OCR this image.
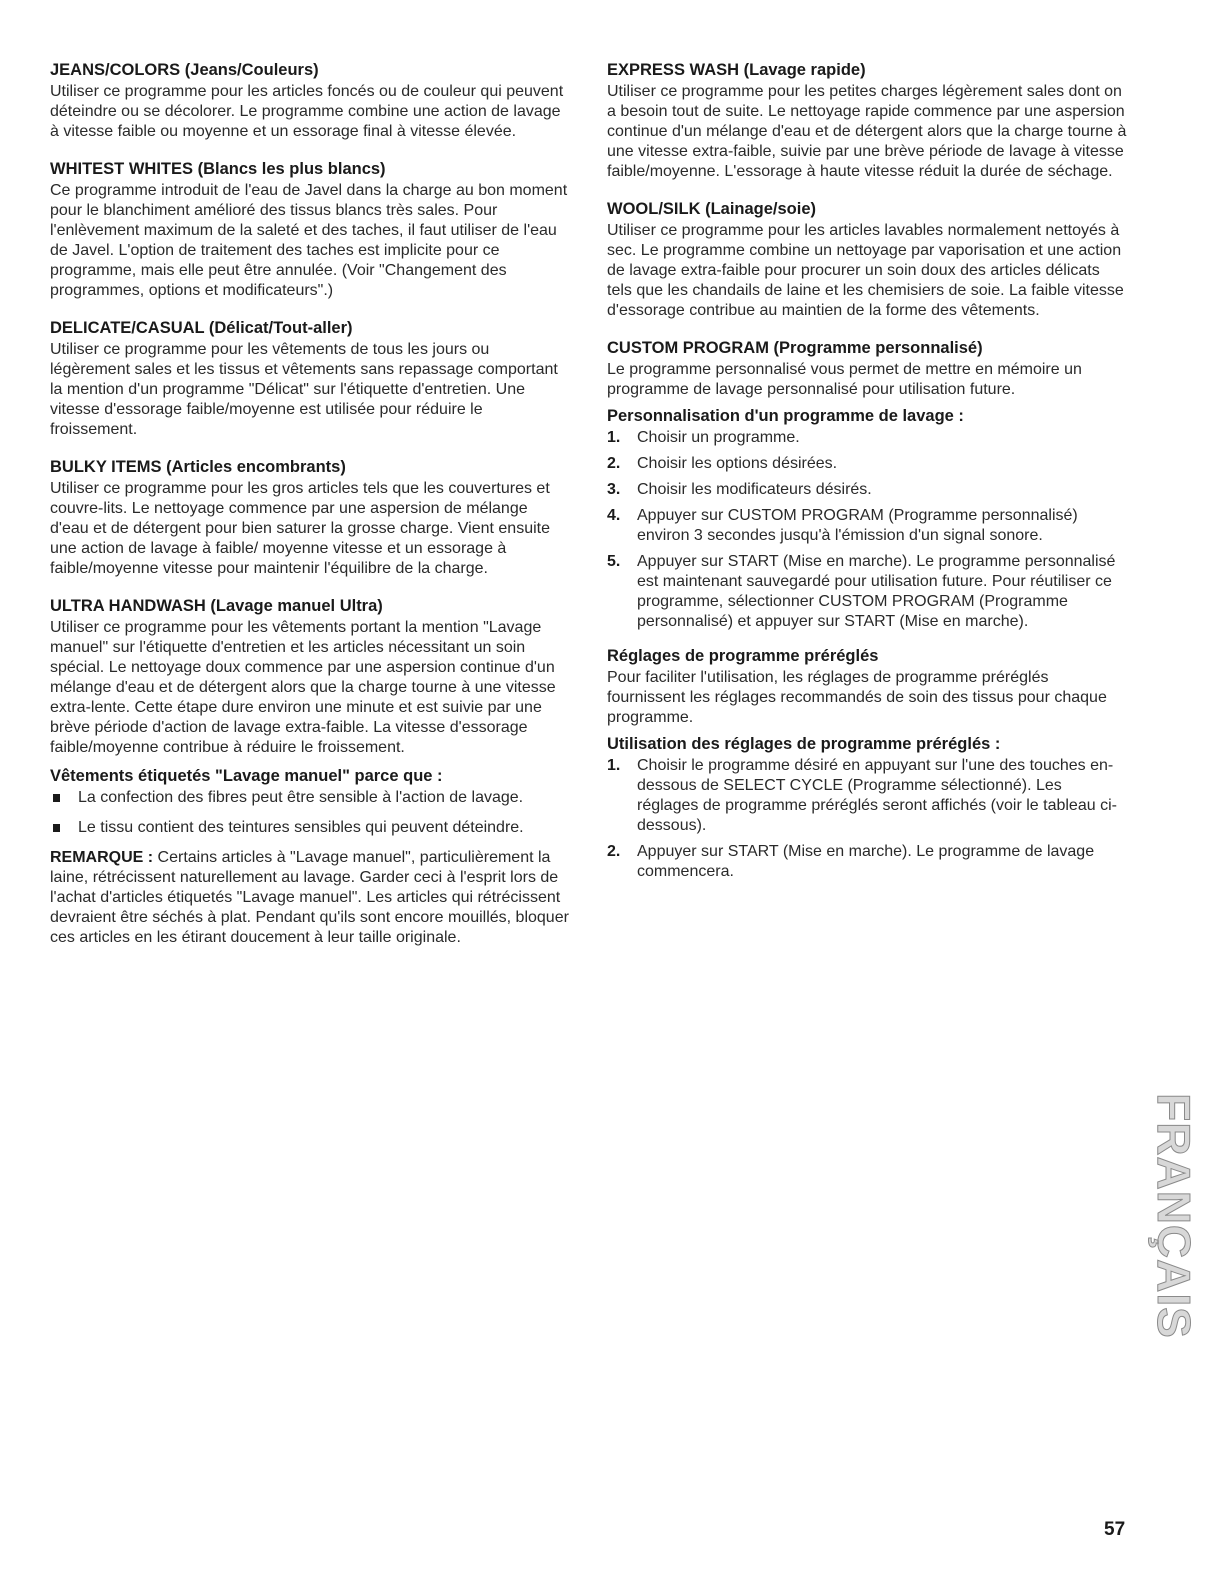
JEANS/COLORS (Jeans/Couleurs)

Utiliser ce programme pour les articles foncés ou de couleur qui peuvent déteindre ou se décolorer. Le programme combine une action de lavage à vitesse faible ou moyenne et un essorage final à vitesse élevée.

WHITEST WHITES (Blancs les plus blancs)

Ce programme introduit de l'eau de Javel dans la charge au bon moment pour le blanchiment amélioré des tissus blancs très sales. Pour l'enlèvement maximum de la saleté et des taches, il faut utiliser de l'eau de Javel. L'option de traitement des taches est implicite pour ce programme, mais elle peut être annulée. (Voir "Changement des programmes, options et modificateurs".)

DELICATE/CASUAL (Délicat/Tout-aller)

Utiliser ce programme pour les vêtements de tous les jours ou légèrement sales et les tissus et vêtements sans repassage comportant la mention d'un programme "Délicat" sur l'étiquette d'entretien. Une vitesse d'essorage faible/moyenne est utilisée pour réduire le froissement.

BULKY ITEMS (Articles encombrants)

Utiliser ce programme pour les gros articles tels que les couvertures et couvre-lits. Le nettoyage commence par une aspersion de mélange d'eau et de détergent pour bien saturer la grosse charge. Vient ensuite une action de lavage à faible/ moyenne vitesse et un essorage à faible/moyenne vitesse pour maintenir l'équilibre de la charge.

ULTRA HANDWASH (Lavage manuel Ultra)

Utiliser ce programme pour les vêtements portant la mention "Lavage manuel" sur l'étiquette d'entretien et les articles nécessitant un soin spécial. Le nettoyage doux commence par une aspersion continue d'un mélange d'eau et de détergent alors que la charge tourne à une vitesse extra-lente. Cette étape dure environ une minute et est suivie par une brève période d'action de lavage extra-faible. La vitesse d'essorage faible/moyenne contribue à réduire le froissement.

Vêtements étiquetés "Lavage manuel" parce que :
La confection des fibres peut être sensible à l'action de lavage.
Le tissu contient des teintures sensibles qui peuvent déteindre.

REMARQUE : Certains articles à "Lavage manuel", particulièrement la laine, rétrécissent naturellement au lavage. Garder ceci à l'esprit lors de l'achat d'articles étiquetés "Lavage manuel". Les articles qui rétrécissent devraient être séchés à plat. Pendant qu'ils sont encore mouillés, bloquer ces articles en les étirant doucement à leur taille originale.

EXPRESS WASH (Lavage rapide)

Utiliser ce programme pour les petites charges légèrement sales dont on a besoin tout de suite. Le nettoyage rapide commence par une aspersion continue d'un mélange d'eau et de détergent alors que la charge tourne à une vitesse extra-faible, suivie par une brève période de lavage à vitesse faible/moyenne. L'essorage à haute vitesse réduit la durée de séchage.

WOOL/SILK (Lainage/soie)

Utiliser ce programme pour les articles lavables normalement nettoyés à sec. Le programme combine un nettoyage par vaporisation et une action de lavage extra-faible pour procurer un soin doux des articles délicats tels que les chandails de laine et les chemisiers de soie. La faible vitesse d'essorage contribue au maintien de la forme des vêtements.

CUSTOM PROGRAM (Programme personnalisé)

Le programme personnalisé vous permet de mettre en mémoire un programme de lavage personnalisé pour utilisation future.

Personnalisation d'un programme de lavage :
1. Choisir un programme.
2. Choisir les options désirées.
3. Choisir les modificateurs désirés.
4. Appuyer sur CUSTOM PROGRAM (Programme personnalisé) environ 3 secondes jusqu'à l'émission d'un signal sonore.
5. Appuyer sur START (Mise en marche). Le programme personnalisé est maintenant sauvegardé pour utilisation future. Pour réutiliser ce programme, sélectionner CUSTOM PROGRAM (Programme personnalisé) et appuyer sur START (Mise en marche).
Réglages de programme préréglés

Pour faciliter l'utilisation, les réglages de programme préréglés fournissent les réglages recommandés de soin des tissus pour chaque programme.

Utilisation des réglages de programme préréglés :
1. Choisir le programme désiré en appuyant sur l'une des touches en-dessous de SELECT CYCLE (Programme sélectionné). Les réglages de programme préréglés seront affichés (voir le tableau ci-dessous).
2. Appuyer sur START (Mise en marche). Le programme de lavage commencera.
FRANÇAIS
57
